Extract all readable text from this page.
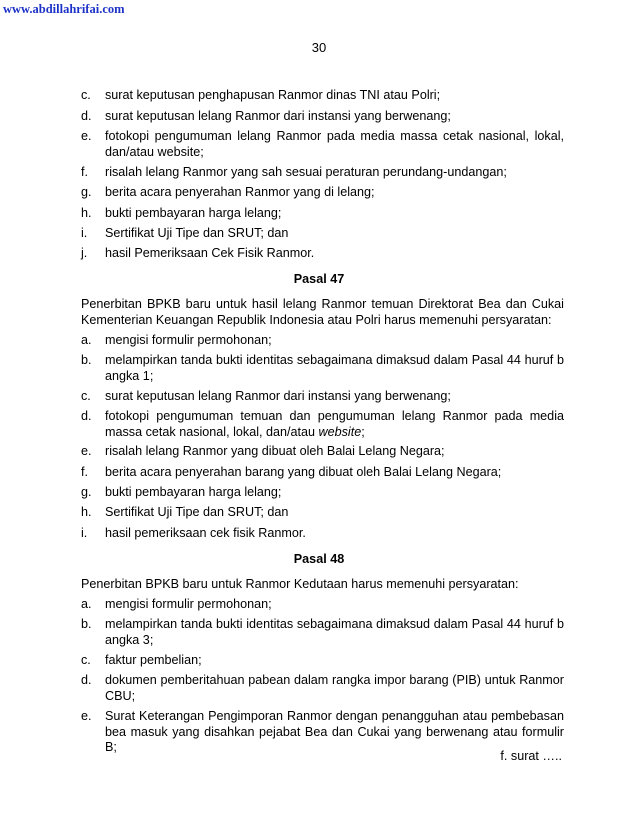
www.abdillahrifai.com
30
c.	surat keputusan penghapusan Ranmor dinas TNI atau Polri;
d.	surat keputusan lelang Ranmor dari instansi yang berwenang;
e.	fotokopi pengumuman lelang Ranmor pada media massa cetak nasional, lokal, dan/atau website;
f.	risalah lelang Ranmor yang sah sesuai peraturan perundang-undangan;
g.	berita acara penyerahan Ranmor yang di lelang;
h.	bukti pembayaran harga lelang;
i.	Sertifikat Uji Tipe dan SRUT; dan
j.	hasil Pemeriksaan Cek Fisik Ranmor.
Pasal 47
Penerbitan BPKB baru untuk hasil lelang Ranmor temuan Direktorat Bea dan Cukai Kementerian Keuangan Republik Indonesia atau Polri harus memenuhi persyaratan:
a.	mengisi formulir permohonan;
b.	melampirkan tanda bukti identitas sebagaimana dimaksud dalam Pasal 44 huruf b angka 1;
c.	surat keputusan lelang Ranmor dari instansi yang berwenang;
d.	fotokopi pengumuman temuan dan pengumuman lelang Ranmor pada media massa cetak nasional, lokal, dan/atau website;
e.	risalah lelang Ranmor yang dibuat oleh Balai Lelang Negara;
f.	berita acara penyerahan barang yang dibuat oleh Balai Lelang Negara;
g.	bukti pembayaran harga lelang;
h.	Sertifikat Uji Tipe dan SRUT; dan
i.	hasil pemeriksaan cek fisik Ranmor.
Pasal 48
Penerbitan BPKB baru untuk Ranmor Kedutaan harus memenuhi persyaratan:
a.	mengisi formulir permohonan;
b.	melampirkan tanda bukti identitas sebagaimana dimaksud dalam Pasal 44 huruf b angka 3;
c.	faktur pembelian;
d.	dokumen pemberitahuan pabean dalam rangka impor barang (PIB) untuk Ranmor CBU;
e.	Surat Keterangan Pengimporan Ranmor dengan penangguhan atau pembebasan bea masuk yang disahkan pejabat Bea dan Cukai yang berwenang atau formulir B;
f. surat …..
